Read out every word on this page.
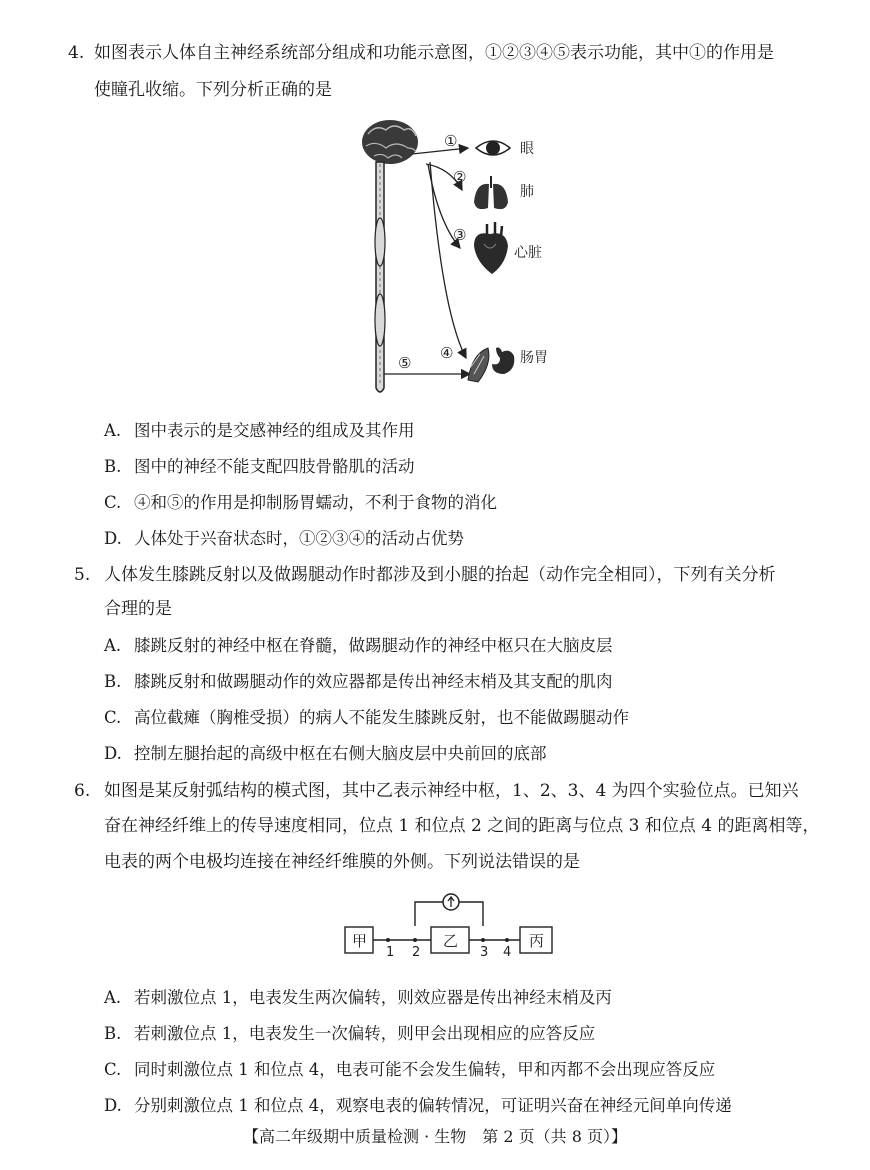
4. 如图表示人体自主神经系统部分组成和功能示意图，①②③④⑤表示功能，其中①的作用是
使瞳孔收缩。下列分析正确的是
①
②
③
④
⑤
眼
肺
心脏
肠胃
A. 图中表示的是交感神经的组成及其作用
B. 图中的神经不能支配四肢骨骼肌的活动
C. ④和⑤的作用是抑制肠胃蠕动，不利于食物的消化
D. 人体处于兴奋状态时，①②③④的活动占优势
5. 人体发生膝跳反射以及做踢腿动作时都涉及到小腿的抬起（动作完全相同），下列有关分析
合理的是
A. 膝跳反射的神经中枢在脊髓，做踢腿动作的神经中枢只在大脑皮层
B. 膝跳反射和做踢腿动作的效应器都是传出神经末梢及其支配的肌肉
C. 高位截瘫（胸椎受损）的病人不能发生膝跳反射，也不能做踢腿动作
D. 控制左腿抬起的高级中枢在右侧大脑皮层中央前回的底部
6. 如图是某反射弧结构的模式图，其中乙表示神经中枢，1、2、3、4 为四个实验位点。已知兴
奋在神经纤维上的传导速度相同，位点 1 和位点 2 之间的距离与位点 3 和位点 4 的距离相等，
电表的两个电极均连接在神经纤维膜的外侧。下列说法错误的是
甲	乙	丙
1 2	3 4
A. 若刺激位点 1，电表发生两次偏转，则效应器是传出神经末梢及丙
B. 若刺激位点 1，电表发生一次偏转，则甲会出现相应的应答反应
C. 同时刺激位点 1 和位点 4，电表可能不会发生偏转，甲和丙都不会出现应答反应
D. 分别刺激位点 1 和位点 4，观察电表的偏转情况，可证明兴奋在神经元间单向传递
【高二年级期中质量检测 · 生物　第 2 页（共 8 页）】
